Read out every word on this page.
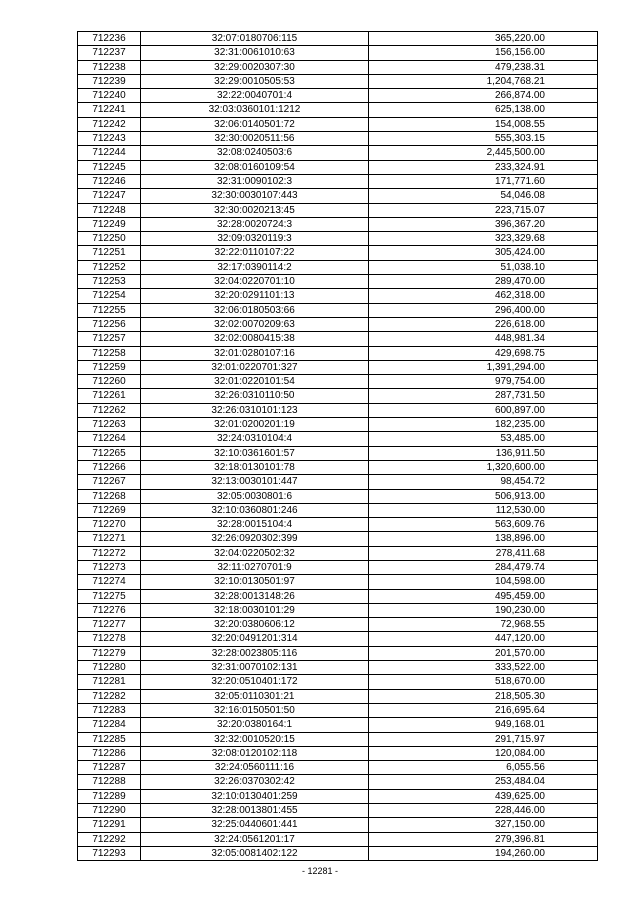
712236	32:07:0180706:115	365,220.00
712237	32:31:0061010:63	156,156.00
712238	32:29:0020307:30	479,238.31
712239	32:29:0010505:53	1,204,768.21
712240	32:22:0040701:4	266,874.00
712241	32:03:0360101:1212	625,138.00
712242	32:06:0140501:72	154,008.55
712243	32:30:0020511:56	555,303.15
712244	32:08:0240503:6	2,445,500.00
712245	32:08:0160109:54	233,324.91
712246	32:31:0090102:3	171,771.60
712247	32:30:0030107:443	54,046.08
712248	32:30:0020213:45	223,715.07
712249	32:28:0020724:3	396,367.20
712250	32:09:0320119:3	323,329.68
712251	32:22:0110107:22	305,424.00
712252	32:17:0390114:2	51,038.10
712253	32:04:0220701:10	289,470.00
712254	32:20:0291101:13	462,318.00
712255	32:06:0180503:66	296,400.00
712256	32:02:0070209:63	226,618.00
712257	32:02:0080415:38	448,981.34
712258	32:01:0280107:16	429,698.75
712259	32:01:0220701:327	1,391,294.00
712260	32:01:0220101:54	979,754.00
712261	32:26:0310110:50	287,731.50
712262	32:26:0310101:123	600,897.00
712263	32:01:0200201:19	182,235.00
712264	32:24:0310104:4	53,485.00
712265	32:10:0361601:57	136,911.50
712266	32:18:0130101:78	1,320,600.00
712267	32:13:0030101:447	98,454.72
712268	32:05:0030801:6	506,913.00
712269	32:10:0360801:246	112,530.00
712270	32:28:0015104:4	563,609.76
712271	32:26:0920302:399	138,896.00
712272	32:04:0220502:32	278,411.68
712273	32:11:0270701:9	284,479.74
712274	32:10:0130501:97	104,598.00
712275	32:28:0013148:26	495,459.00
712276	32:18:0030101:29	190,230.00
712277	32:20:0380606:12	72,968.55
712278	32:20:0491201:314	447,120.00
712279	32:28:0023805:116	201,570.00
712280	32:31:0070102:131	333,522.00
712281	32:20:0510401:172	518,670.00
712282	32:05:0110301:21	218,505.30
712283	32:16:0150501:50	216,695.64
712284	32:20:0380164:1	949,168.01
712285	32:32:0010520:15	291,715.97
712286	32:08:0120102:118	120,084.00
712287	32:24:0560111:16	6,055.56
712288	32:26:0370302:42	253,484.04
712289	32:10:0130401:259	439,625.00
712290	32:28:0013801:455	228,446.00
712291	32:25:0440601:441	327,150.00
712292	32:24:0561201:17	279,396.81
712293	32:05:0081402:122	194,260.00
- 12281 -
